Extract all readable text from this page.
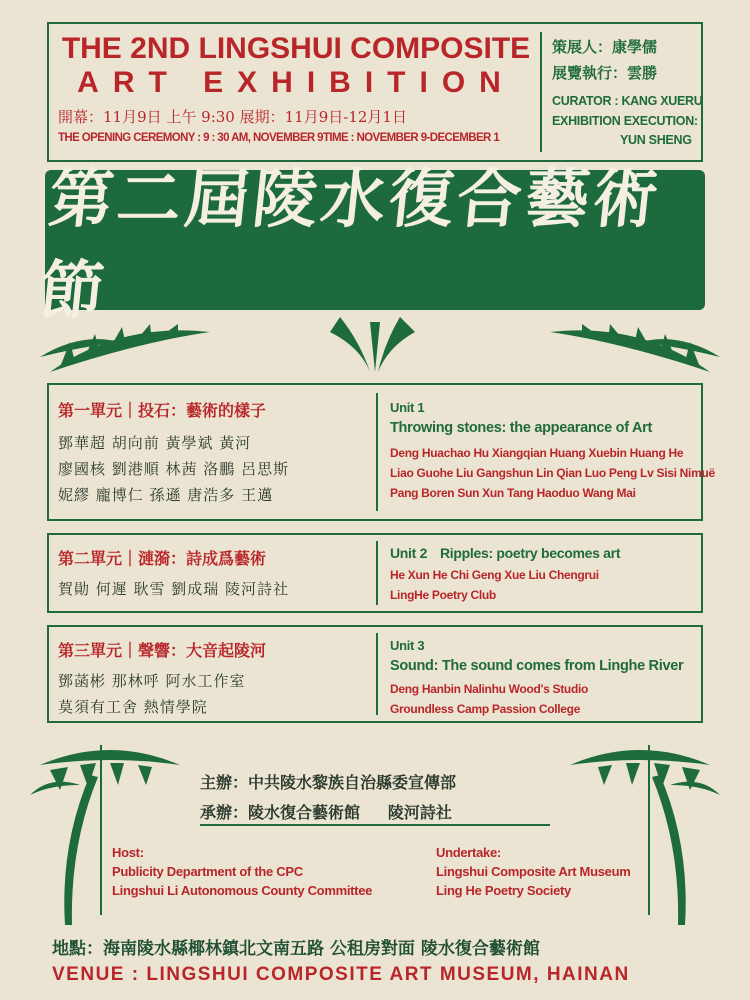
THE 2ND LINGSHUI COMPOSITE
ART EXHIBITION
開幕：11月9日 上午 9:30 展期：11月9日-12月1日
THE OPENING CEREMONY : 9 : 30 AM, NOVEMBER 9TIME : NOVEMBER 9-DECEMBER 1
策展人：康學儒
展覽執行：雲勝
CURATOR : KANG XUERU
EXHIBITION EXECUTION:
YUN SHENG
第二屆陵水復合藝術節
第一單元｜投石：藝術的樣子
鄧華超 胡向前 黃學斌 黃河
廖國核 劉港順 林茜 洛鵬 呂思斯
妮繆 龐博仁 孫遜 唐浩多 王邁
Unit 1
Throwing stones: the appearance of Art
Deng Huachao Hu Xiangqian Huang Xuebin Huang He
Liao Guohe Liu Gangshun Lin Qian Luo Peng Lv Sisi Nimuë
Pang Boren Sun Xun Tang Haoduo Wang Mai
第二單元｜漣漪：詩成爲藝術
賀勛 何遲 耿雪 劉成瑞 陵河詩社
Unit 2 Ripples: poetry becomes art
He Xun He Chi Geng Xue Liu Chengrui
LingHe Poetry Club
第三單元｜聲響：大音起陵河
鄧菡彬 那林呼 阿水工作室
莫須有工舍 熱情學院
Unit 3
Sound: The sound comes from Linghe River
Deng Hanbin Nalinhu Wood's Studio
Groundless Camp Passion College
主辦：中共陵水黎族自治縣委宣傳部
承辦：陵水復合藝術館     陵河詩社
Host:
Publicity Department of the CPC
Lingshui Li Autonomous County Committee
Undertake:
Lingshui Composite Art Museum
Ling He Poetry Society
地點：海南陵水縣椰林鎮北文南五路 公租房對面 陵水復合藝術館
VENUE : LINGSHUI COMPOSITE ART MUSEUM, HAINAN
